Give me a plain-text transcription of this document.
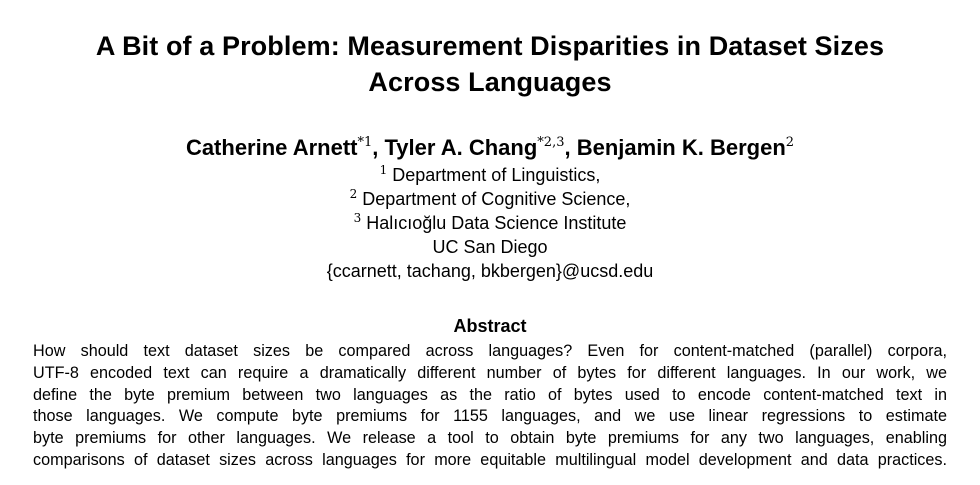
A Bit of a Problem: Measurement Disparities in Dataset Sizes
Across Languages

Catherine Arnett$^{*1}$, Tyler A. Chang$^{*2,3}$, Benjamin K. Bergen$^2$

$^1$ Department of Linguistics,
$^2$ Department of Cognitive Science,
$^3$ Halıcıoğlu Data Science Institute
UC San Diego
{ccarnett, tachang, bkbergen}@ucsd.edu
Abstract

How should text dataset sizes be compared across languages? Even for content-matched (parallel) corpora,
UTF-8 encoded text can require a dramatically different number of bytes for different languages. In our work, we
define the byte premium between two languages as the ratio of bytes used to encode content-matched text in
those languages. We compute byte premiums for 1155 languages, and we use linear regressions to estimate
byte premiums for other languages. We release a tool to obtain byte premiums for any two languages, enabling
comparisons of dataset sizes across languages for more equitable multilingual model development and data practices.
